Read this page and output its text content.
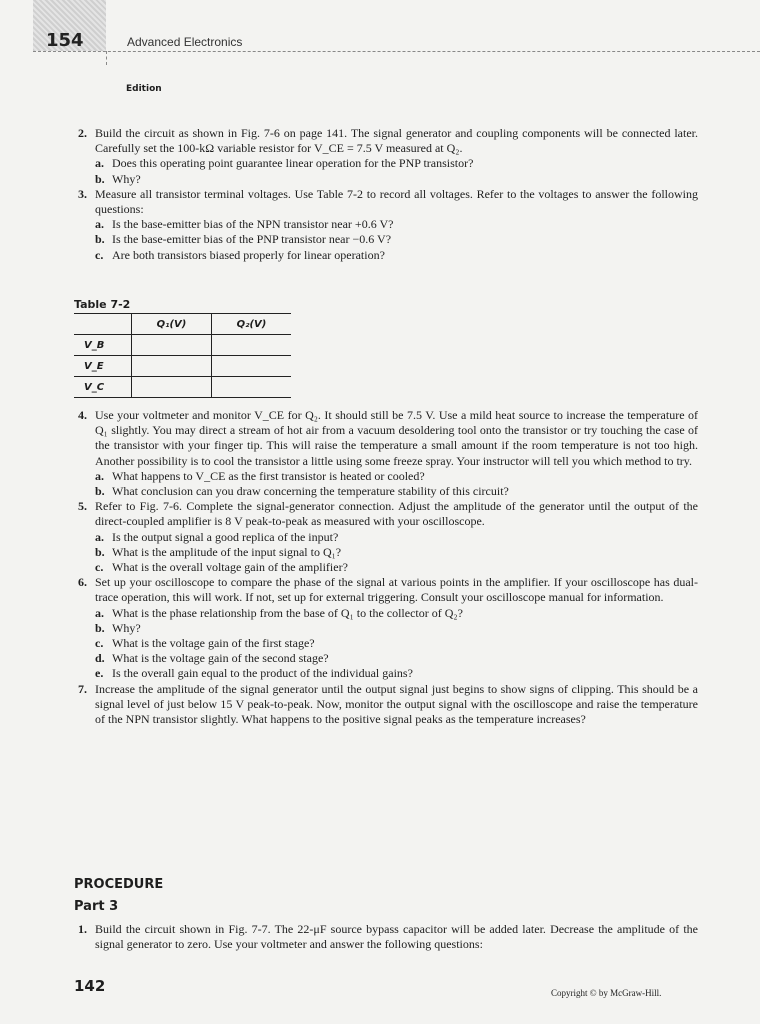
154	Advanced Electronics
Edition
2. Build the circuit as shown in Fig. 7-6 on page 141. The signal generator and coupling components will be connected later. Carefully set the 100-kΩ variable resistor for V_CE = 7.5 V measured at Q₂.
a. Does this operating point guarantee linear operation for the PNP transistor?
b. Why?
3. Measure all transistor terminal voltages. Use Table 7-2 to record all voltages. Refer to the voltages to answer the following questions:
a. Is the base-emitter bias of the NPN transistor near +0.6 V?
b. Is the base-emitter bias of the PNP transistor near −0.6 V?
c. Are both transistors biased properly for linear operation?
Table 7-2
	Q₁(V)	Q₂(V)
V_B		
V_E		
V_C		
4. Use your voltmeter and monitor V_CE for Q₂. It should still be 7.5 V. Use a mild heat source to increase the temperature of Q₁ slightly. You may direct a stream of hot air from a vacuum desoldering tool onto the transistor or try touching the case of the transistor with your finger tip. This will raise the temperature a small amount if the room temperature is not too high. Another possibility is to cool the transistor a little using some freeze spray. Your instructor will tell you which method to try.
a. What happens to V_CE as the first transistor is heated or cooled?
b. What conclusion can you draw concerning the temperature stability of this circuit?
5. Refer to Fig. 7-6. Complete the signal-generator connection. Adjust the amplitude of the generator until the output of the direct-coupled amplifier is 8 V peak-to-peak as measured with your oscilloscope.
a. Is the output signal a good replica of the input?
b. What is the amplitude of the input signal to Q₁?
c. What is the overall voltage gain of the amplifier?
6. Set up your oscilloscope to compare the phase of the signal at various points in the amplifier. If your oscilloscope has dual-trace operation, this will work. If not, set up for external triggering. Consult your oscilloscope manual for information.
a. What is the phase relationship from the base of Q₁ to the collector of Q₂?
b. Why?
c. What is the voltage gain of the first stage?
d. What is the voltage gain of the second stage?
e. Is the overall gain equal to the product of the individual gains?
7. Increase the amplitude of the signal generator until the output signal just begins to show signs of clipping. This should be a signal level of just below 15 V peak-to-peak. Now, monitor the output signal with the oscilloscope and raise the temperature of the NPN transistor slightly. What happens to the positive signal peaks as the temperature increases?
PROCEDURE
Part 3
1. Build the circuit shown in Fig. 7-7. The 22-μF source bypass capacitor will be added later. Decrease the amplitude of the signal generator to zero. Use your voltmeter and answer the following questions:
142	Copyright © by McGraw-Hill.
